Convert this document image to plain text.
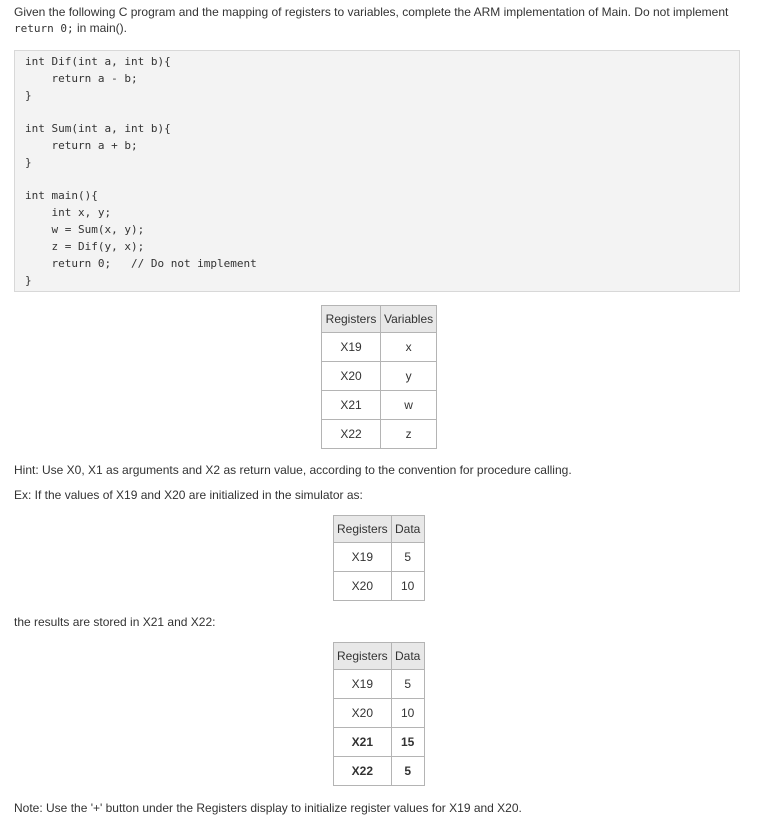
Given the following C program and the mapping of registers to variables, complete the ARM implementation of Main. Do not implement
return 0; in main().
int Dif(int a, int b){
return a - b;
}
int Sum(int a, int b){
return a + b;
}
int main(){
int x, y;
w = Sum(x, y);
z = Dif(y, x);
return 0;   // Do not implement
}
Registers	Variables
X19	x
X20	y
X21	w
X22	z
Hint: Use X0, X1 as arguments and X2 as return value, according to the convention for procedure calling.
Ex: If the values of X19 and X20 are initialized in the simulator as:
Registers	Data
X19	5
X20	10
the results are stored in X21 and X22:
Registers	Data
X19	5
X20	10
X21	15
X22	5
Note: Use the '+' button under the Registers display to initialize register values for X19 and X20.
